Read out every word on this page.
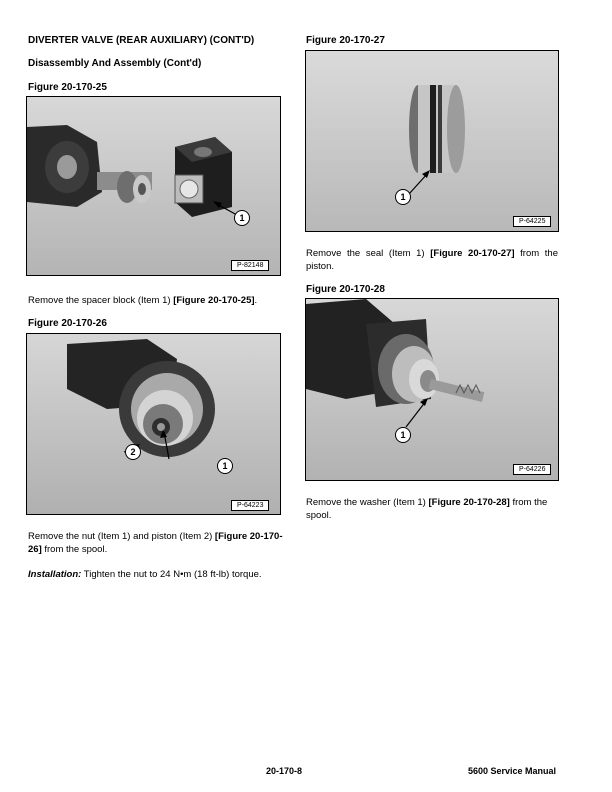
DIVERTER VALVE (REAR AUXILIARY) (CONT'D)
Disassembly And Assembly (Cont'd)
Figure 20-170-25
1
P-82148
Remove the spacer block (Item 1) [Figure 20-170-25].
Figure 20-170-26
2
1
P-64223
Remove the nut (Item 1) and piston (Item 2) [Figure 20-170-26] from the spool.
Installation: Tighten the nut to 24 N•m (18 ft-lb) torque.
Figure 20-170-27
1
P-64225
Remove the seal (Item 1) [Figure 20-170-27] from the piston.
Figure 20-170-28
1
P-64226
Remove the washer (Item 1) [Figure 20-170-28] from the spool.
20-170-8	5600 Service Manual
